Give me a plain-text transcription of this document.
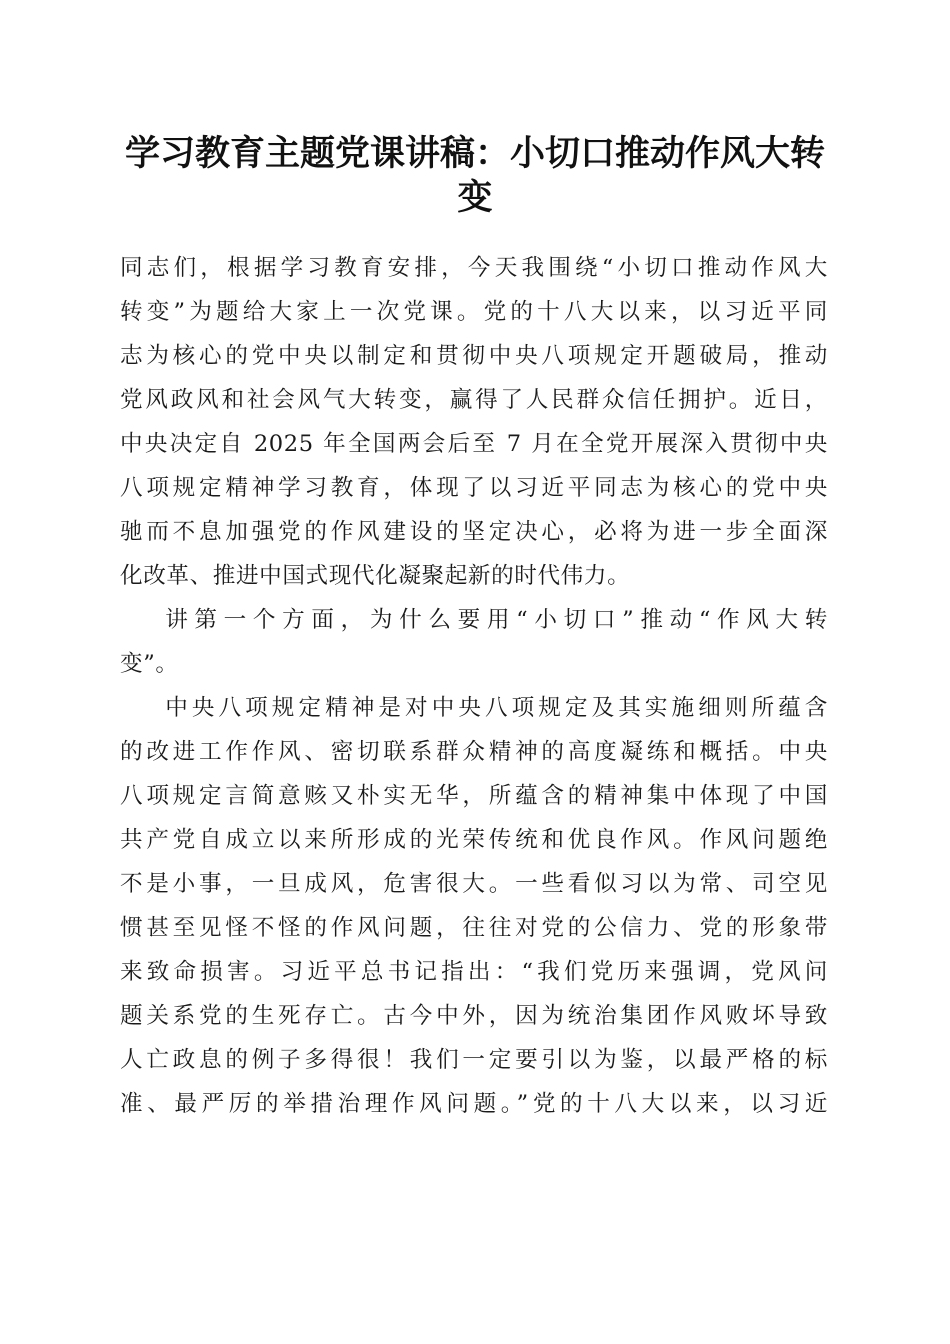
学习教育主题党课讲稿：小切口推动作风大转变

同志们，根据学习教育安排，今天我围绕“小切口推动作风大
转变”为题给大家上一次党课。党的十八大以来，以习近平同
志为核心的党中央以制定和贯彻中央八项规定开题破局，推动
党风政风和社会风气大转变，赢得了人民群众信任拥护。近日，
中央决定自 2025 年全国两会后至 7 月在全党开展深入贯彻中央
八项规定精神学习教育，体现了以习近平同志为核心的党中央
驰而不息加强党的作风建设的坚定决心，必将为进一步全面深
化改革、推进中国式现代化凝聚起新的时代伟力。

讲第一个方面，为什么要用“小切口”推动“作风大转
变”。

中央八项规定精神是对中央八项规定及其实施细则所蕴含
的改进工作作风、密切联系群众精神的高度凝练和概括。中央
八项规定言简意赅又朴实无华，所蕴含的精神集中体现了中国
共产党自成立以来所形成的光荣传统和优良作风。作风问题绝
不是小事，一旦成风，危害很大。一些看似习以为常、司空见
惯甚至见怪不怪的作风问题，往往对党的公信力、党的形象带
来致命损害。习近平总书记指出：“我们党历来强调，党风问
题关系党的生死存亡。古今中外，因为统治集团作风败坏导致
人亡政息的例子多得很！我们一定要引以为鉴，以最严格的标
准、最严厉的举措治理作风问题。”党的十八大以来，以习近
